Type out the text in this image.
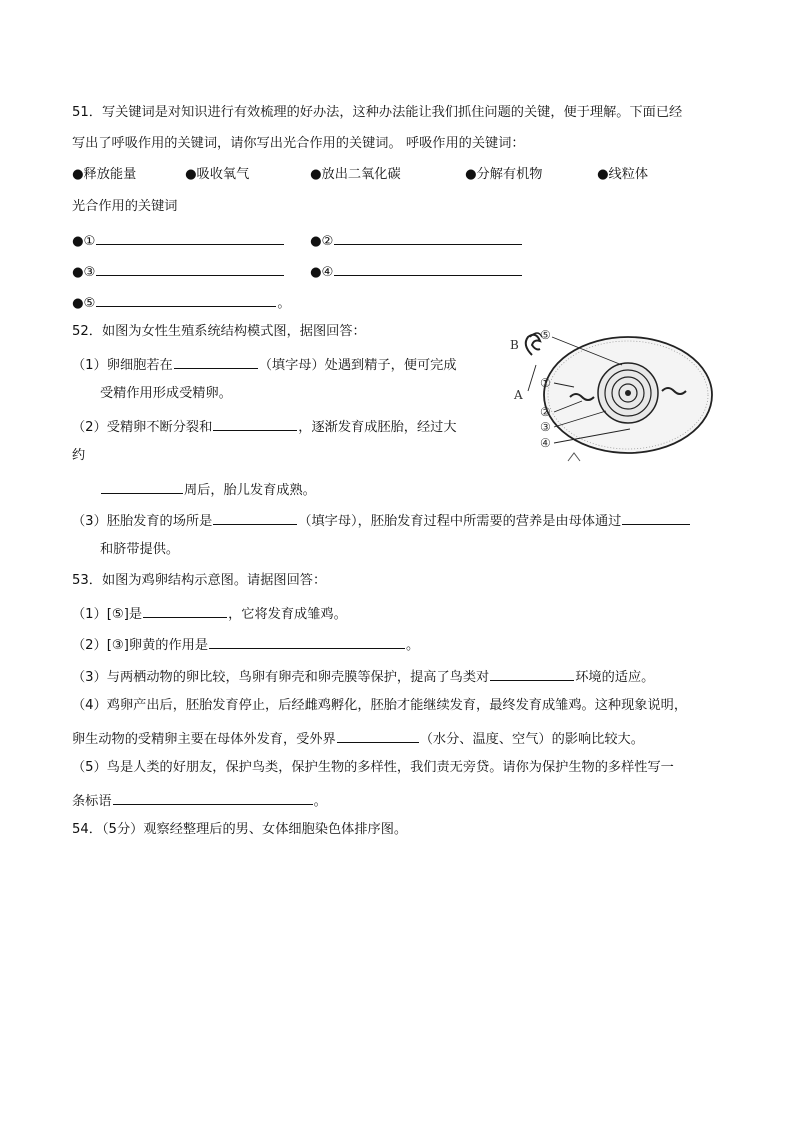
51．写关键词是对知识进行有效梳理的好办法，这种办法能让我们抓住问题的关键，便于理解。下面已经
写出了呼吸作用的关键词，请你写出光合作用的关键词。 呼吸作用的关键词：
●释放能量	●吸收氧气	●放出二氧化碳	●分解有机物	●线粒体
光合作用的关键词
●①	●②
●③	●④
●⑤	。
52．如图为女性生殖系统结构模式图，据图回答：
（1）卵细胞若在	（填字母）处遇到精子，便可完成
受精作用形成受精卵。
（2）受精卵不断分裂和	，逐渐发育成胚胎，经过大
约
周后，胎儿发育成熟。
（3）胚胎发育的场所是	（填字母），胚胎发育过程中所需要的营养是由母体通过
和脐带提供。
⑤
B
①
A
②
③
④
53．如图为鸡卵结构示意图。请据图回答：
（1）[⑤]是	，它将发育成雏鸡。
（2）[③]卵黄的作用是	。
（3）与两栖动物的卵比较，鸟卵有卵壳和卵壳膜等保护，提高了鸟类对	环境的适应。
（4）鸡卵产出后，胚胎发育停止，后经雌鸡孵化，胚胎才能继续发育，最终发育成雏鸡。这种现象说明，
卵生动物的受精卵主要在母体外发育，受外界	（水分、温度、空气）的影响比较大。
（5）鸟是人类的好朋友，保护鸟类，保护生物的多样性，我们责无旁贷。请你为保护生物的多样性写一
条标语	。
54．（5分）观察经整理后的男、女体细胞染色体排序图。
